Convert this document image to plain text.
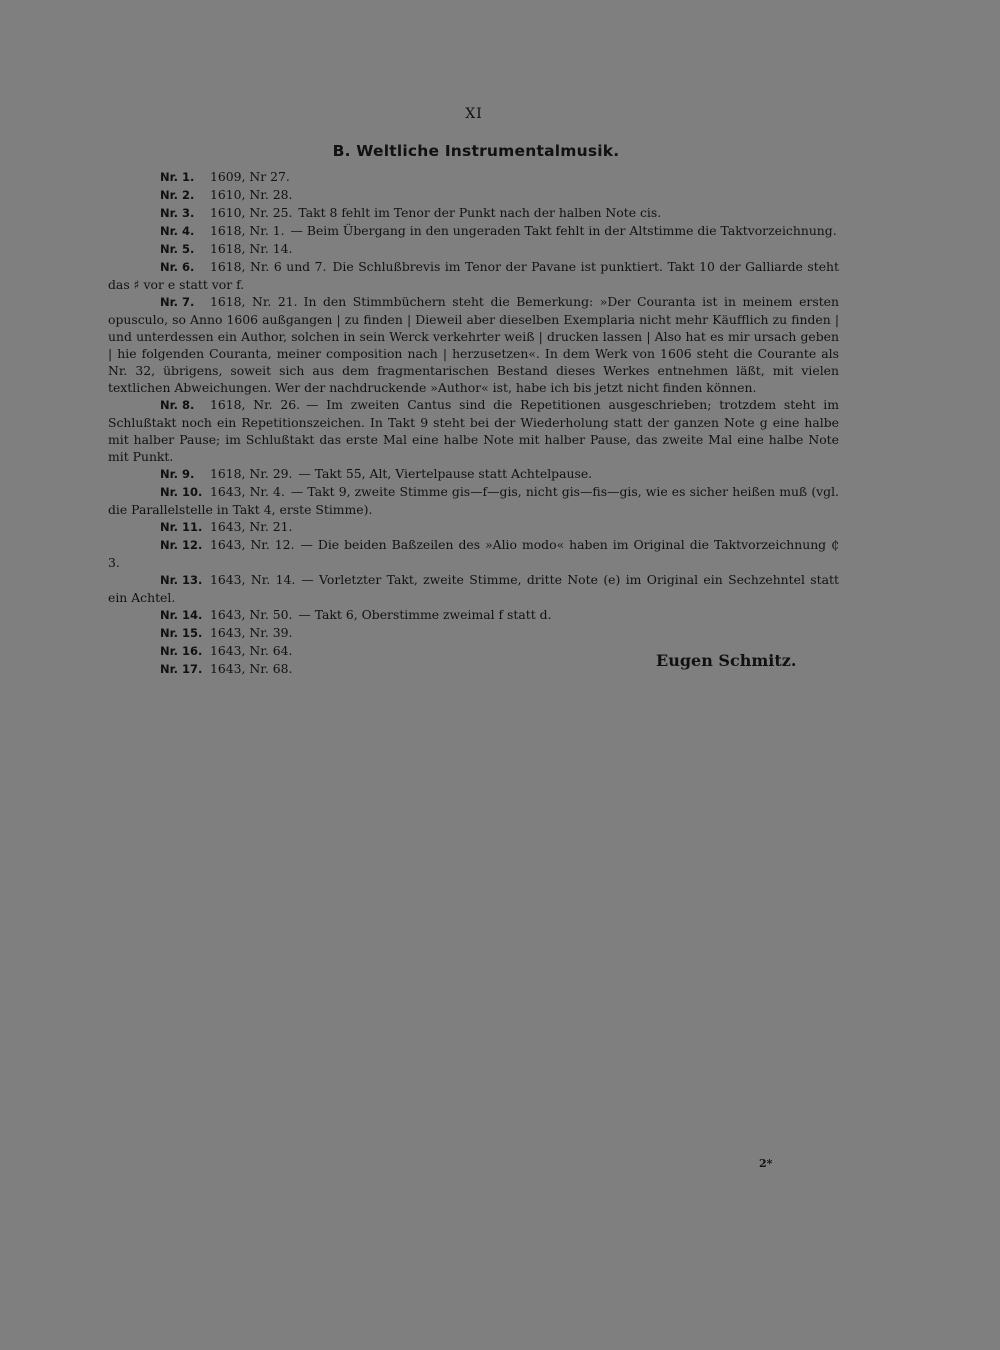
XI
B. Weltliche Instrumentalmusik.

Nr. 1. 1609, Nr 27.

Nr. 2. 1610, Nr. 28.

Nr. 3. 1610, Nr. 25. Takt 8 fehlt im Tenor der Punkt nach der halben Note cis.

Nr. 4. 1618, Nr. 1. — Beim Übergang in den ungeraden Takt fehlt in der Altstimme die Taktvorzeichnung.

Nr. 5. 1618, Nr. 14.

Nr. 6. 1618, Nr. 6 und 7. Die Schlußbrevis im Tenor der Pavane ist punktiert. Takt 10 der Galliarde steht das ♯ vor e statt vor f.

Nr. 7. 1618, Nr. 21. In den Stimmbüchern steht die Bemerkung: »Der Couranta ist in meinem ersten opusculo, so Anno 1606 außgangen | zu finden | Dieweil aber dieselben Exemplaria nicht mehr Käufflich zu finden | und unterdessen ein Author, solchen in sein Werck verkehrter weiß | drucken lassen | Also hat es mir ursach geben | hie folgenden Couranta, meiner composition nach | herzusetzen«. In dem Werk von 1606 steht die Courante als Nr. 32, übrigens, soweit sich aus dem fragmentarischen Bestand dieses Werkes entnehmen läßt, mit vielen textlichen Abweichungen. Wer der nachdruckende »Author« ist, habe ich bis jetzt nicht finden können.

Nr. 8. 1618, Nr. 26. — Im zweiten Cantus sind die Repetitionen ausgeschrieben; trotzdem steht im Schlußtakt noch ein Repetitionszeichen. In Takt 9 steht bei der Wiederholung statt der ganzen Note g eine halbe mit halber Pause; im Schlußtakt das erste Mal eine halbe Note mit halber Pause, das zweite Mal eine halbe Note mit Punkt.

Nr. 9. 1618, Nr. 29. — Takt 55, Alt, Viertelpause statt Achtelpause.

Nr. 10. 1643, Nr. 4. — Takt 9, zweite Stimme gis—f—gis, nicht gis—fis—gis, wie es sicher heißen muß (vgl. die Parallelstelle in Takt 4, erste Stimme).

Nr. 11. 1643, Nr. 21.

Nr. 12. 1643, Nr. 12. — Die beiden Baßzeilen des »Alio modo« haben im Original die Taktvorzeichnung ₵ 3.

Nr. 13. 1643, Nr. 14. — Vorletzter Takt, zweite Stimme, dritte Note (e) im Original ein Sechzehntel statt ein Achtel.

Nr. 14. 1643, Nr. 50. — Takt 6, Oberstimme zweimal f statt d.

Nr. 15. 1643, Nr. 39.

Nr. 16. 1643, Nr. 64.

Nr. 17. 1643, Nr. 68.	Eugen Schmitz.
2*
